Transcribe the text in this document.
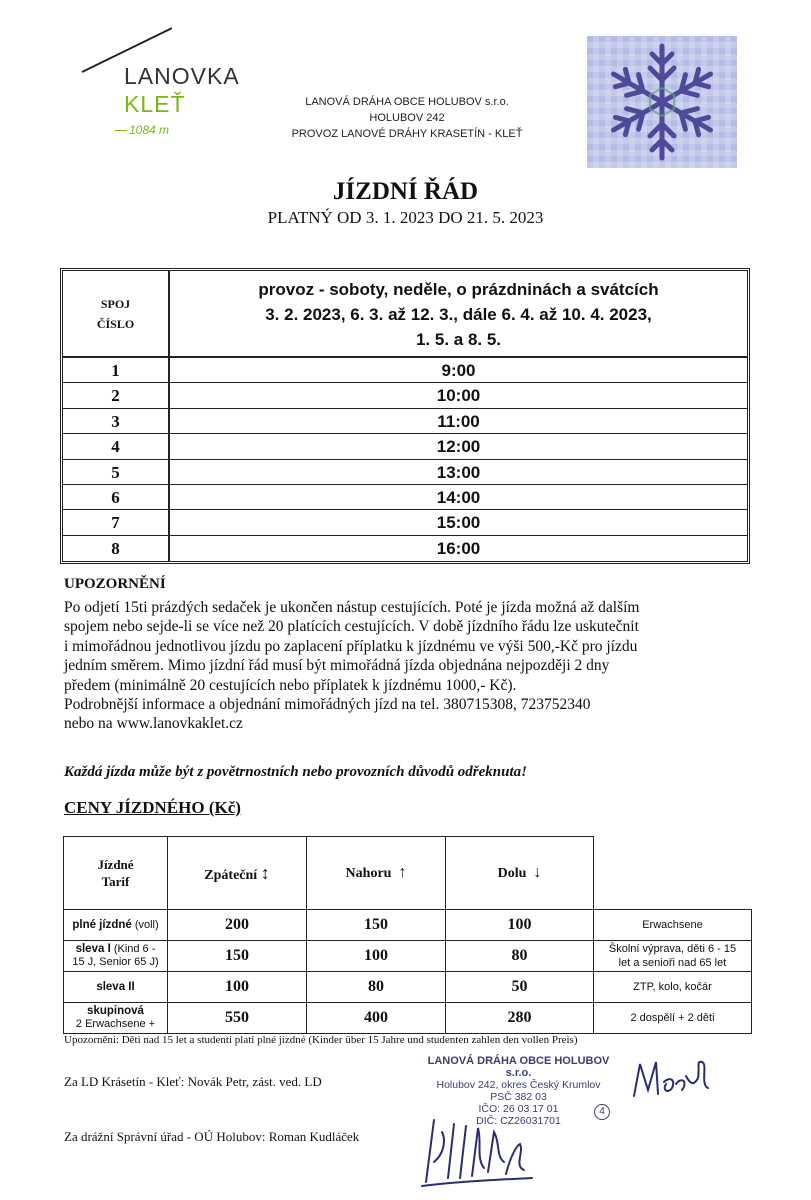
LANOVKA
KLEŤ
1084 m
LANOVÁ DRÁHA OBCE HOLUBOV s.r.o.
HOLUBOV 242
PROVOZ LANOVÉ DRÁHY KRASETÍN - KLEŤ
JÍZDNÍ ŘÁD
PLATNÝ OD 3. 1. 2023 DO 21. 5. 2023
SPOJ
ČÍSLO
provoz - soboty, neděle, o prázdninách a svátcích
3. 2. 2023, 6. 3. až 12. 3., dále 6. 4. až 10. 4. 2023,
1. 5. a 8. 5.
1	9:00
2	10:00
3	11:00
4	12:00
5	13:00
6	14:00
7	15:00
8	16:00
UPOZORNĚNÍ

Po odjetí 15ti prázdých sedaček je ukončen nástup cestujících. Poté je jízda možná až dalším

spojem nebo sejde-li se více než 20 platících cestujících. V době jízdního řádu lze uskutečnit

i mimořádnou jednotlivou jízdu po zaplacení příplatku k jízdnému ve výši 500,-Kč pro jízdu

jedním směrem. Mimo jízdní řád musí být mimořádná jízda objednána nejpozději 2 dny

předem (minimálně 20 cestujících nebo příplatek k jízdnému 1000,- Kč).

Podrobnější informace a objednání mimořádných jízd na tel. 380715308, 723752340

nebo na www.lanovkaklet.cz

Každá jízda může být z povětrnostních nebo provozních důvodů odřeknuta!
CENY JÍZDNÉHO (Kč)
Jízdné
Tarif	Zpáteční ↕	Nahoru ↑	Dolu ↓	
plné jízdné (voll)	200	150	100	Erwachsene
sleva I (Kind 6 -
15 J, Senior 65 J)	150	100	80	Školní výprava, děti 6 - 15
let a senioři nad 65 let
sleva II	100	80	50	ZTP, kolo, kočár
skupinová
2 Erwachsene +	550	400	280	2 dospělí + 2 děti
Upozornění: Děti nad 15 let a studenti platí plné jízdné (Kinder über 15 Jahre und studenten zahlen den vollen Preis)
Za LD Krásetín - Kleť: Novák Petr, zást. ved. LD
Za drážní Správní úřad - OÚ Holubov: Roman Kudláček
LANOVÁ DRÁHA OBCE HOLUBOV s.r.o.
Holubov 242, okres Český Krumlov
PSČ 382 03
IČO: 26 03 17 01
DIČ: CZ26031701
4
